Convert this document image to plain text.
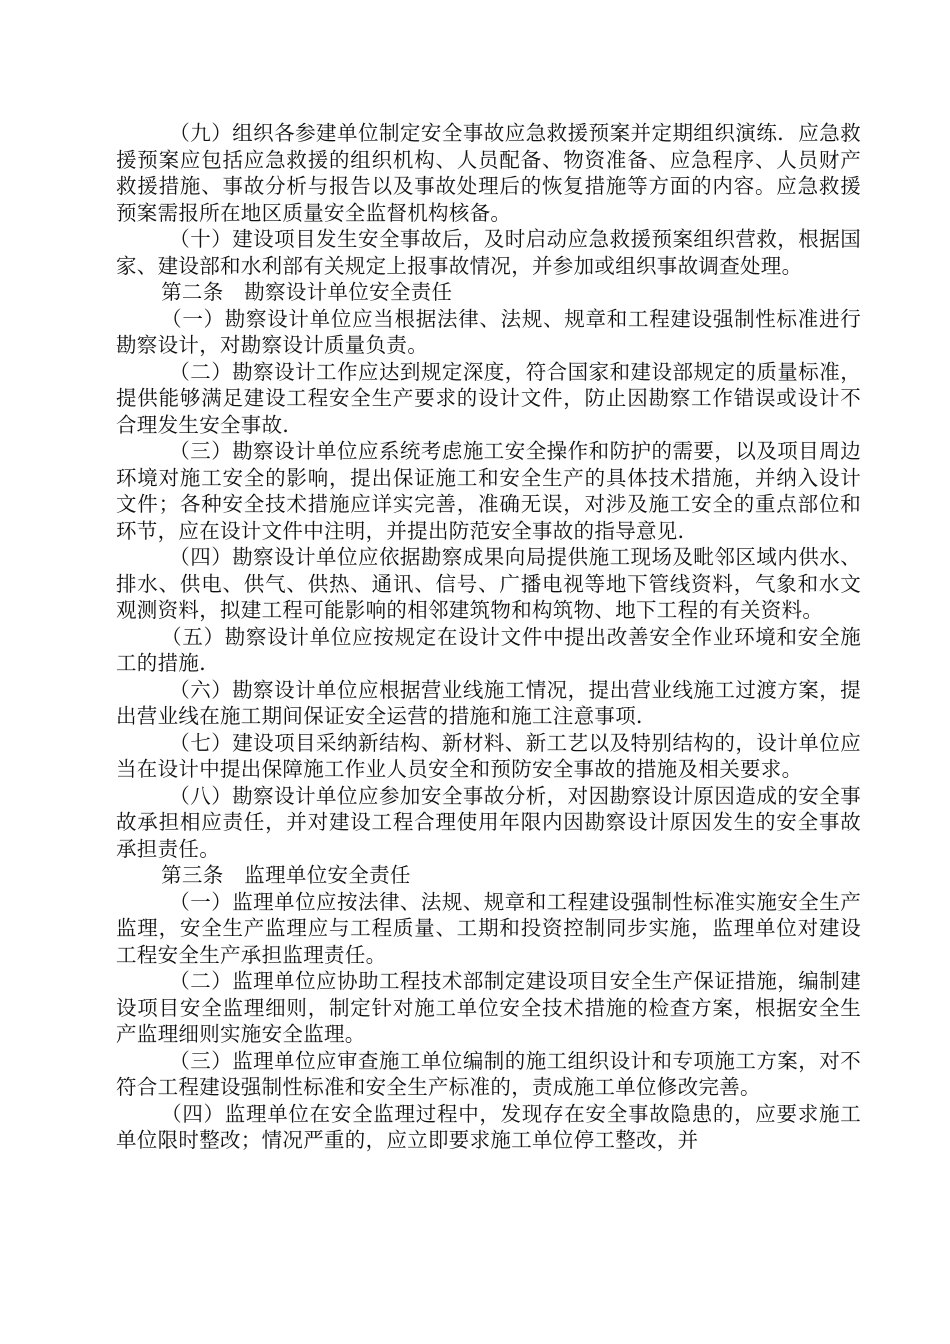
（九）组织各参建单位制定安全事故应急救援预案并定期组织演练．应急救援预案应包括应急救援的组织机构、人员配备、物资准备、应急程序、人员财产救援措施、事故分析与报告以及事故处理后的恢复措施等方面的内容。应急救援预案需报所在地区质量安全监督机构核备。

（十）建设项目发生安全事故后，及时启动应急救援预案组织营救，根据国家、建设部和水利部有关规定上报事故情况，并参加或组织事故调查处理。

第二条　勘察设计单位安全责任

（一）勘察设计单位应当根据法律、法规、规章和工程建设强制性标准进行勘察设计，对勘察设计质量负责。

（二）勘察设计工作应达到规定深度，符合国家和建设部规定的质量标准，提供能够满足建设工程安全生产要求的设计文件，防止因勘察工作错误或设计不合理发生安全事故．

（三）勘察设计单位应系统考虑施工安全操作和防护的需要，以及项目周边环境对施工安全的影响，提出保证施工和安全生产的具体技术措施，并纳入设计文件；各种安全技术措施应详实完善，准确无误，对涉及施工安全的重点部位和环节，应在设计文件中注明，并提出防范安全事故的指导意见．

（四）勘察设计单位应依据勘察成果向局提供施工现场及毗邻区域内供水、排水、供电、供气、供热、通讯、信号、广播电视等地下管线资料，气象和水文观测资料，拟建工程可能影响的相邻建筑物和构筑物、地下工程的有关资料。

（五）勘察设计单位应按规定在设计文件中提出改善安全作业环境和安全施工的措施．

（六）勘察设计单位应根据营业线施工情况，提出营业线施工过渡方案，提出营业线在施工期间保证安全运营的措施和施工注意事项．

（七）建设项目采纳新结构、新材料、新工艺以及特别结构的，设计单位应当在设计中提出保障施工作业人员安全和预防安全事故的措施及相关要求。

（八）勘察设计单位应参加安全事故分析，对因勘察设计原因造成的安全事故承担相应责任，并对建设工程合理使用年限内因勘察设计原因发生的安全事故承担责任。

第三条　监理单位安全责任

（一）监理单位应按法律、法规、规章和工程建设强制性标准实施安全生产监理，安全生产监理应与工程质量、工期和投资控制同步实施，监理单位对建设工程安全生产承担监理责任。

（二）监理单位应协助工程技术部制定建设项目安全生产保证措施，编制建设项目安全监理细则，制定针对施工单位安全技术措施的检查方案，根据安全生产监理细则实施安全监理。

（三）监理单位应审查施工单位编制的施工组织设计和专项施工方案，对不符合工程建设强制性标准和安全生产标准的，责成施工单位修改完善。

（四）监理单位在安全监理过程中，发现存在安全事故隐患的，应要求施工单位限时整改；情况严重的，应立即要求施工单位停工整改，并
